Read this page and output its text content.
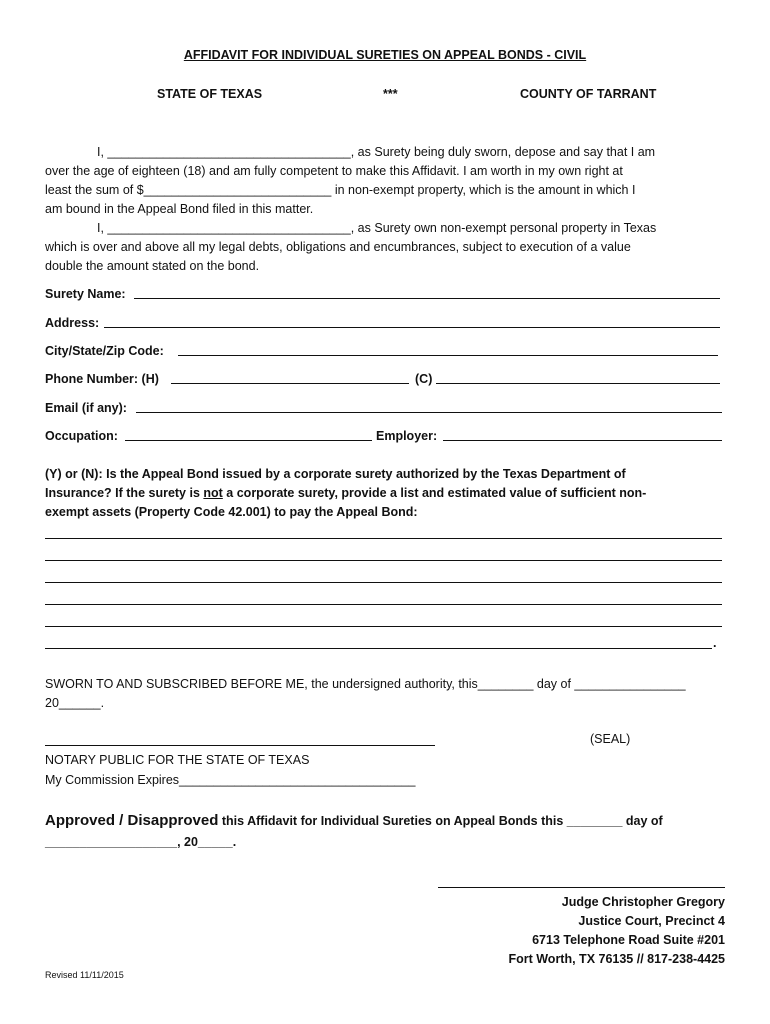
AFFIDAVIT FOR INDIVIDUAL SURETIES ON APPEAL BONDS - CIVIL
STATE OF TEXAS	***	COUNTY OF TARRANT
I, ___________________________________, as Surety being duly sworn, depose and say that I am
over the age of eighteen (18) and am fully competent to make this Affidavit. I am worth in my own right at
least the sum of $___________________________ in non-exempt property, which is the amount in which I
am bound in the Appeal Bond filed in this matter.
I, ___________________________________, as Surety own non-exempt personal property in Texas
which is over and above all my legal debts, obligations and encumbrances, subject to execution of a value
double the amount stated on the bond.
Surety Name:
Address:
City/State/Zip Code:
Phone Number: (H)	(C)
Email (if any):
Occupation:	Employer:
(Y) or (N): Is the Appeal Bond issued by a corporate surety authorized by the Texas Department of
Insurance? If the surety is not a corporate surety, provide a list and estimated value of sufficient non-
exempt assets (Property Code 42.001) to pay the Appeal Bond:
.
SWORN TO AND SUBSCRIBED BEFORE ME, the undersigned authority, this________ day of ________________
20______.
(SEAL)
NOTARY PUBLIC FOR THE STATE OF TEXAS
My Commission Expires__________________________________
Approved / Disapproved this Affidavit for Individual Sureties on Appeal Bonds this ________ day of
___________________, 20_____.
Judge Christopher Gregory
Justice Court, Precinct 4
6713 Telephone Road Suite #201
Fort Worth, TX 76135 // 817-238-4425
Revised 11/11/2015
